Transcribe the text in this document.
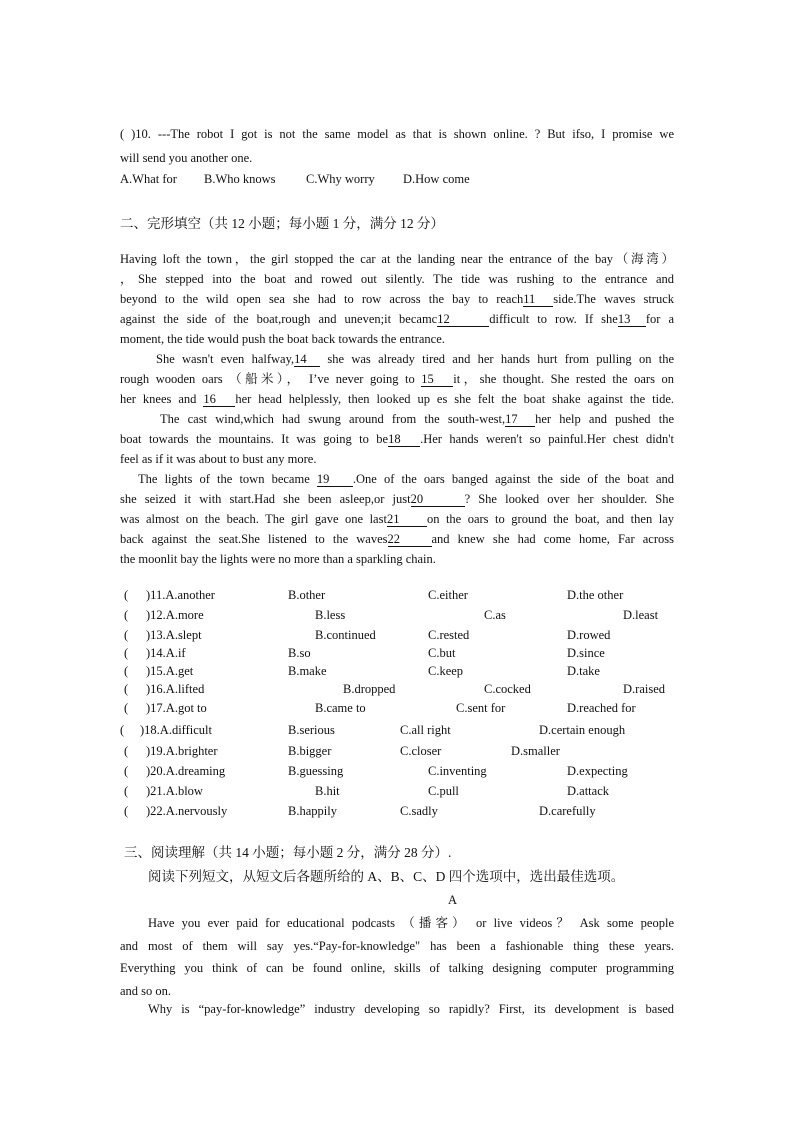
( )10. ---The robot I got is not the same model as that is shown online. ? But ifso, I promise we
will send you another one.
A.What for B.Who knows C.Why worry D.How come
二、完形填空（共 12 小题；每小题 1 分，满分 12 分）
Having loft the town，the girl stopped the car at the landing near the entrance of the bay（海湾）
，She stepped into the boat and rowed out silently. The tide was rushing to the entrance and
beyond to the wild open sea she had to row across the bay to reach11 side.The waves struck
against the side of the boat,rough and uneven;it becamc12	difficult to row. If she13 for a
moment, the tide would push the boat back towards the entrance.
She wasn't even halfway,14 she was already tired and her hands hurt from pulling on the
rough wooden oars （船米）， I’ve never going to 15 it，she thought. She rested the oars on
her knees and 16 her head helplessly, then looked up es she felt the boat shake against the tide.
The cast wind,which had swung around from the south-west,17 her help and pushed the
boat towards the mountains. It was going to be18 .Her hands weren't so painful.Her chest didn't
feel as if it was about to bust any more.
The lights of the town became 19 .One of the oars banged against the side of the boat and
she seized it with start.Had she been asleep,or just20	? She looked over her shoulder. She
was almost on the beach. The girl gave one last21 on the oars to ground the boat, and then lay
back against the seat.She listened to the waves22	and knew she had come home, Far across
the moonlit bay the lights were no more than a sparkling chain.
( )11.A.another	B.other	C.either	D.the other
( )12.A.more	B.less	C.as	D.least
( )13.A.slept	B.continued	C.rested	D.rowed
( )14.A.if	B.so	C.but	D.since
( )15.A.get	B.make	C.keep	D.take
( )16.A.lifted	B.dropped	C.cocked	D.raised
( )17.A.got to	B.came to	C.sent for	D.reached for
( )18.A.difficult	B.serious	C.all right	D.certain enough
( )19.A.brighter	B.bigger	C.closer	D.smaller
( )20.A.dreaming	B.guessing	C.inventing	D.expecting
( )21.A.blow	B.hit	C.pull	D.attack
( )22.A.nervously	B.happily	C.sadly	D.carefully
三、阅读理解（共 14 小题；每小题 2 分，满分 28 分）.
阅读下列短文，从短文后各题所给的 A、B、C、D 四个选项中，选出最佳选项。
A
Have you ever paid for educational podcasts （播客） or live videos？ Ask some people
and most of them will say yes.“Pay-for-knowledge" has been a fashionable thing these years.
Everything you think of can be found online, skills of talking designing computer programming
and so on.
Why is “pay-for-knowledge” industry developing so rapidly? First, its development is based
